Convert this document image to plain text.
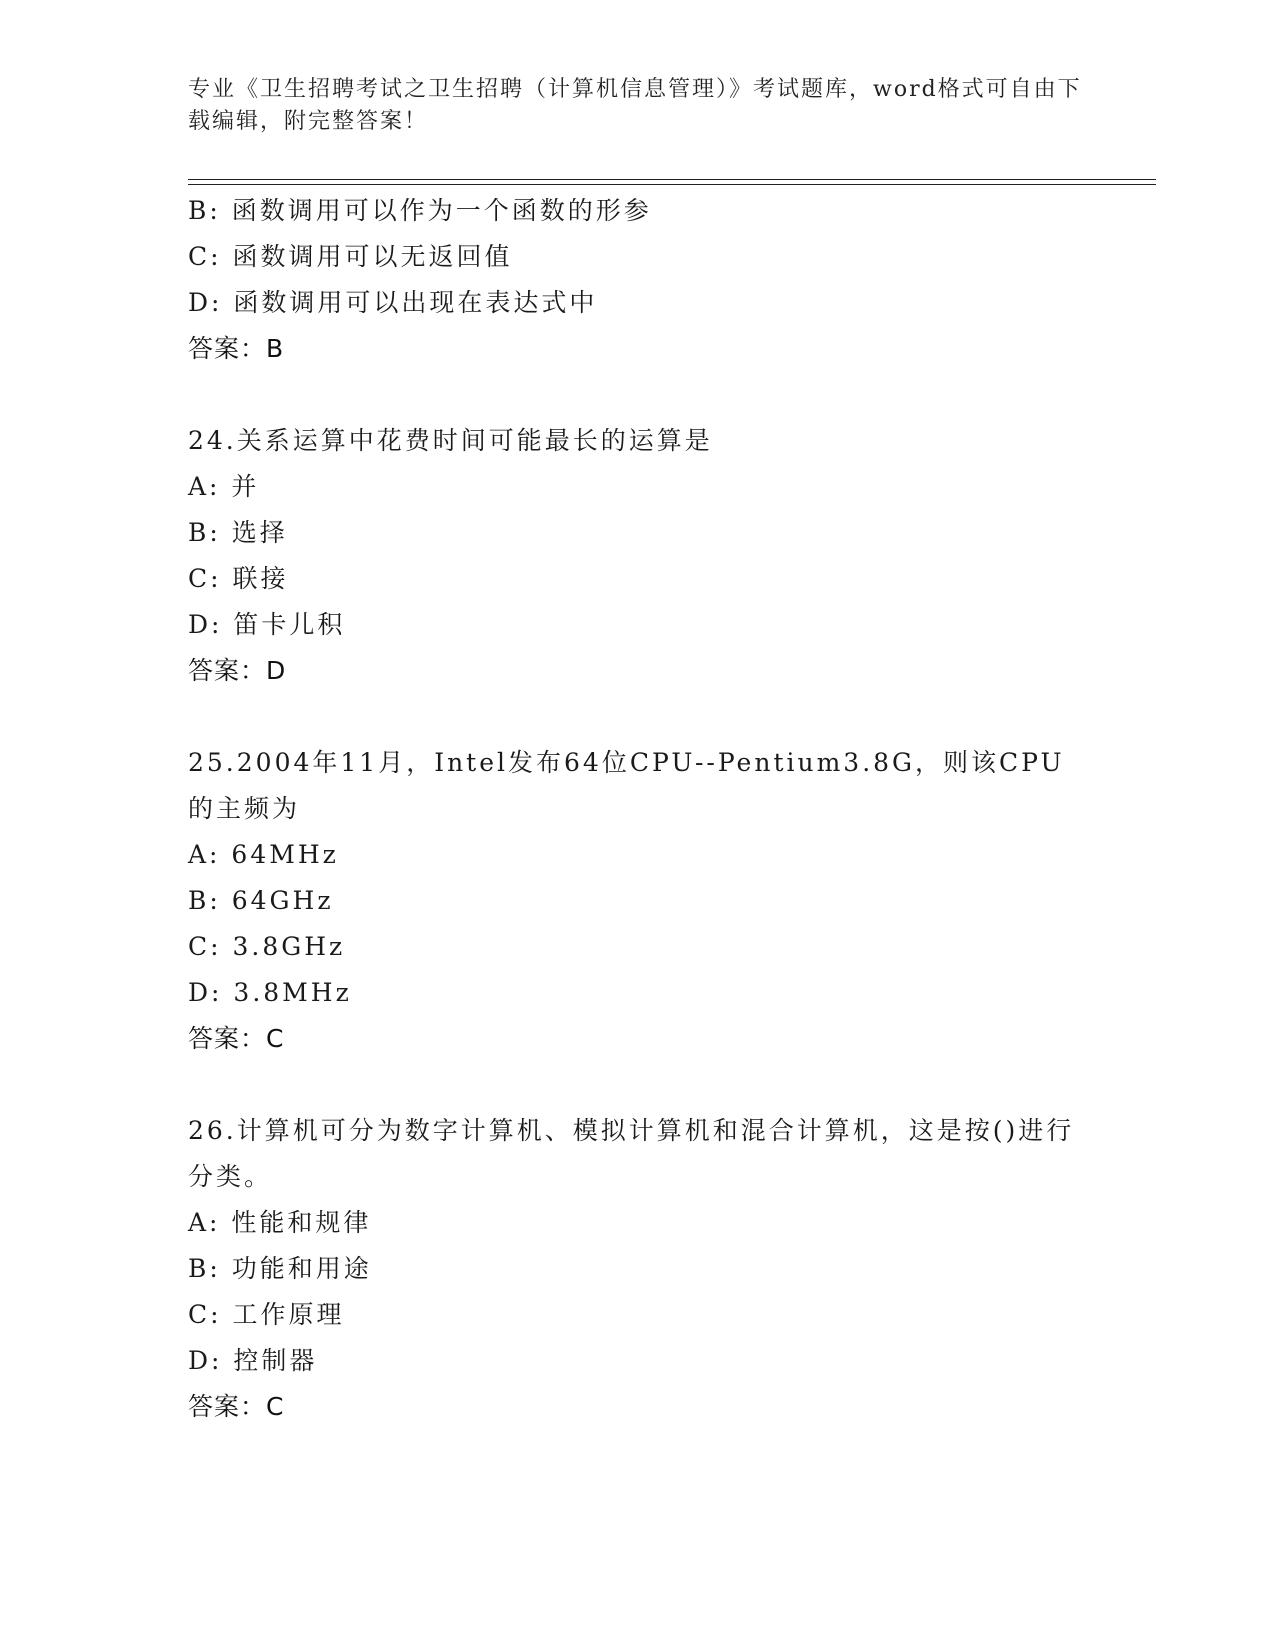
专业《卫生招聘考试之卫生招聘（计算机信息管理）》考试题库，word格式可自由下载编辑，附完整答案！
B: 函数调用可以作为一个函数的形参
C: 函数调用可以无返回值
D: 函数调用可以出现在表达式中
答案：B
24.关系运算中花费时间可能最长的运算是
A: 并
B: 选择
C: 联接
D: 笛卡儿积
答案：D
25.2004年11月，Intel发布64位CPU--Pentium3.8G，则该CPU的主频为
A: 64MHz
B: 64GHz
C: 3.8GHz
D: 3.8MHz
答案：C
26.计算机可分为数字计算机、模拟计算机和混合计算机，这是按()进行分类。
A: 性能和规律
B: 功能和用途
C: 工作原理
D: 控制器
答案：C
